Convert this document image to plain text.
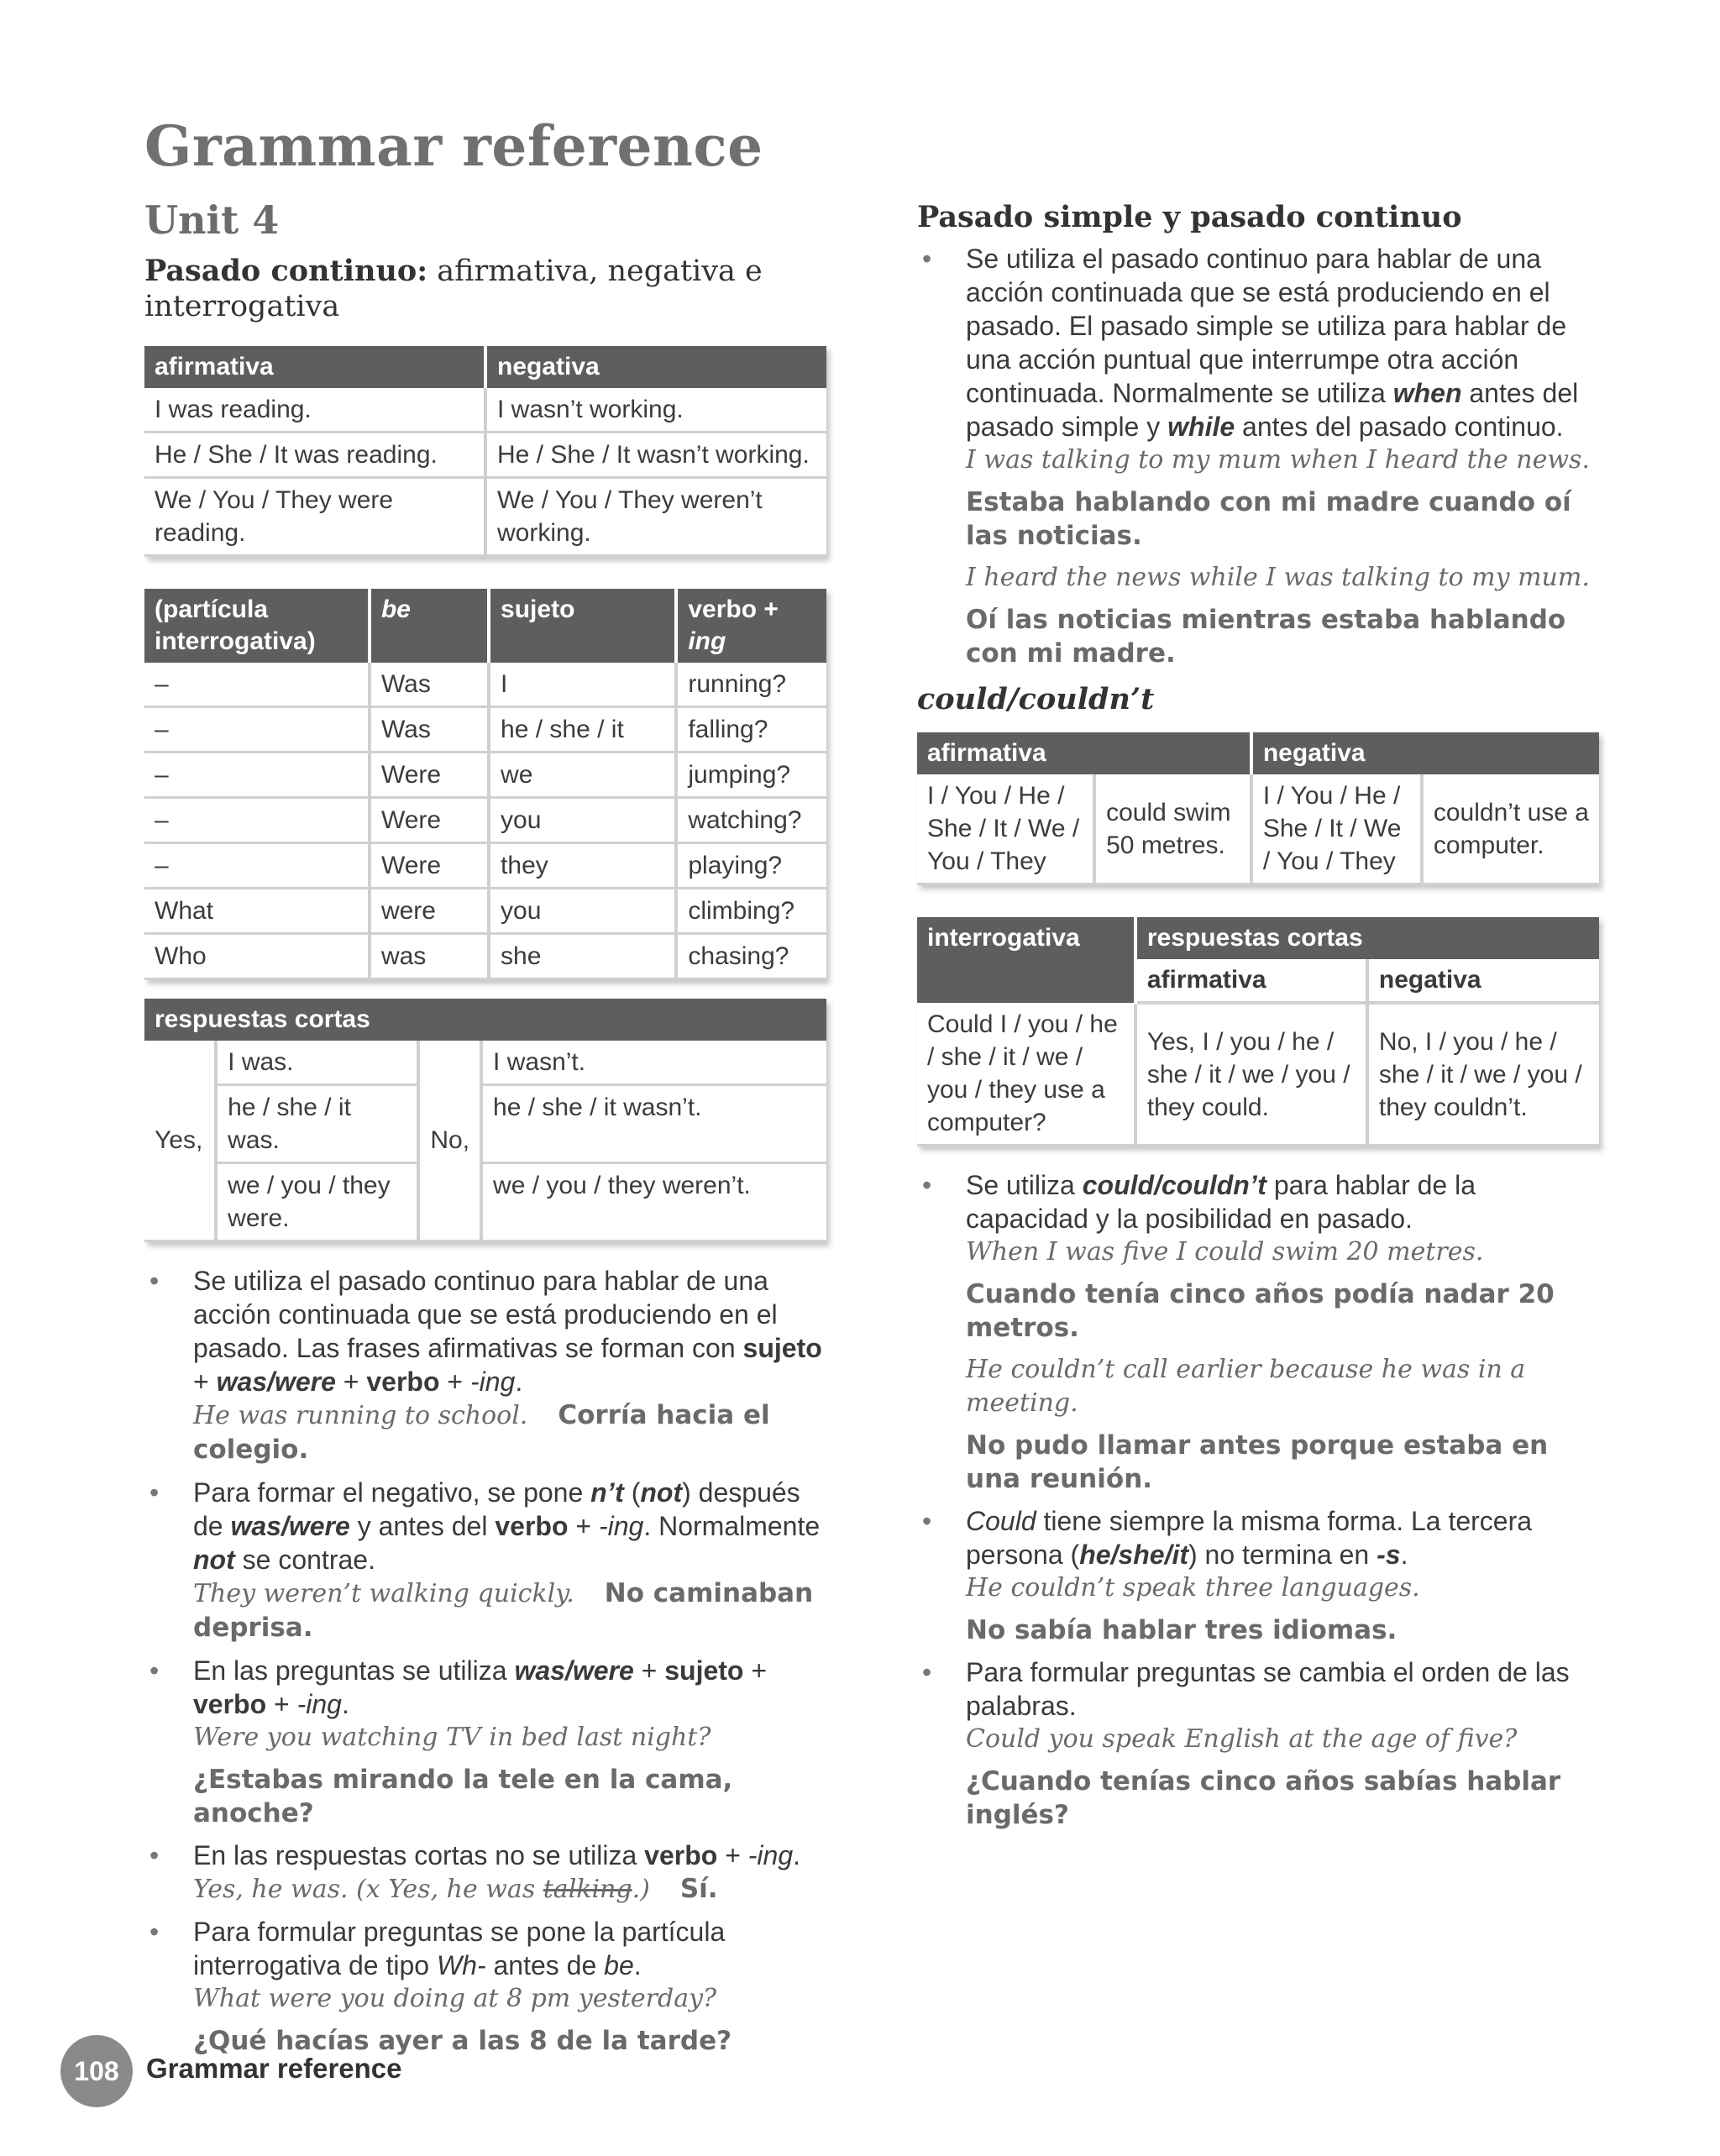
Grammar reference
Unit 4
Pasado continuo: afirmativa, negativa e interrogativa
afirmativa	negativa
I was reading.	I wasn’t working.
He / She / It was reading.	He / She / It wasn’t working.
We / You / They were reading.	We / You / They weren’t working.
(partícula interrogativa)	be	sujeto	verbo +
ing
–	Was	I	running?
–	Was	he / she / it	falling?
–	Were	we	jumping?
–	Were	you	watching?
–	Were	they	playing?
What	were	you	climbing?
Who	was	she	chasing?
respuestas cortas			
Yes,	I was.	No,	I wasn’t.
	he / she / it was.		he / she / it wasn’t.
	we / you / they were.		we / you / they weren’t.
• Se utiliza el pasado continuo para hablar de una acción continuada que se está produciendo en el pasado. Las frases afirmativas se forman con sujeto + was/were + verbo + -ing.
He was running to school. Corría hacia el colegio.
• Para formar el negativo, se pone n’t (not) después de was/were y antes del verbo + -ing. Normalmente not se contrae.
They weren’t walking quickly. No caminaban deprisa.
• En las preguntas se utiliza was/were + sujeto + verbo + -ing.
Were you watching TV in bed last night?
¿Estabas mirando la tele en la cama, anoche?
• En las respuestas cortas no se utiliza verbo + -ing.
Yes, he was. (x Yes, he was talking.) Sí.
• Para formular preguntas se pone la partícula interrogativa de tipo Wh- antes de be.
What were you doing at 8 pm yesterday?
¿Qué hacías ayer a las 8 de la tarde?
Pasado simple y pasado continuo
• Se utiliza el pasado continuo para hablar de una acción continuada que se está produciendo en el pasado. El pasado simple se utiliza para hablar de una acción puntual que interrumpe otra acción continuada. Normalmente se utiliza when antes del pasado simple y while antes del pasado continuo.
I was talking to my mum when I heard the news.
Estaba hablando con mi madre cuando oí las noticias.
I heard the news while I was talking to my mum.
Oí las noticias mientras estaba hablando con mi madre.
could/couldn’t
afirmativa		negativa	
I / You / He / She / It / We / You / They	could swim 50 metres.	I / You / He / She / It / We / You / They	couldn’t use a computer.
interrogativa	respuestas cortas	
	afirmativa	negativa
Could I / you / he / she / it / we / you / they use a computer?	Yes, I / you / he / she / it / we / you / they could.	No, I / you / he / she / it / we / you / they couldn’t.
• Se utiliza could/couldn’t para hablar de la capacidad y la posibilidad en pasado.
When I was five I could swim 20 metres.
Cuando tenía cinco años podía nadar 20 metros.
He couldn’t call earlier because he was in a meeting.
No pudo llamar antes porque estaba en una reunión.
• Could tiene siempre la misma forma. La tercera persona (he/she/it) no termina en -s.
He couldn’t speak three languages.
No sabía hablar tres idiomas.
• Para formular preguntas se cambia el orden de las palabras.
Could you speak English at the age of five?
¿Cuando tenías cinco años sabías hablar inglés?
108 Grammar reference
